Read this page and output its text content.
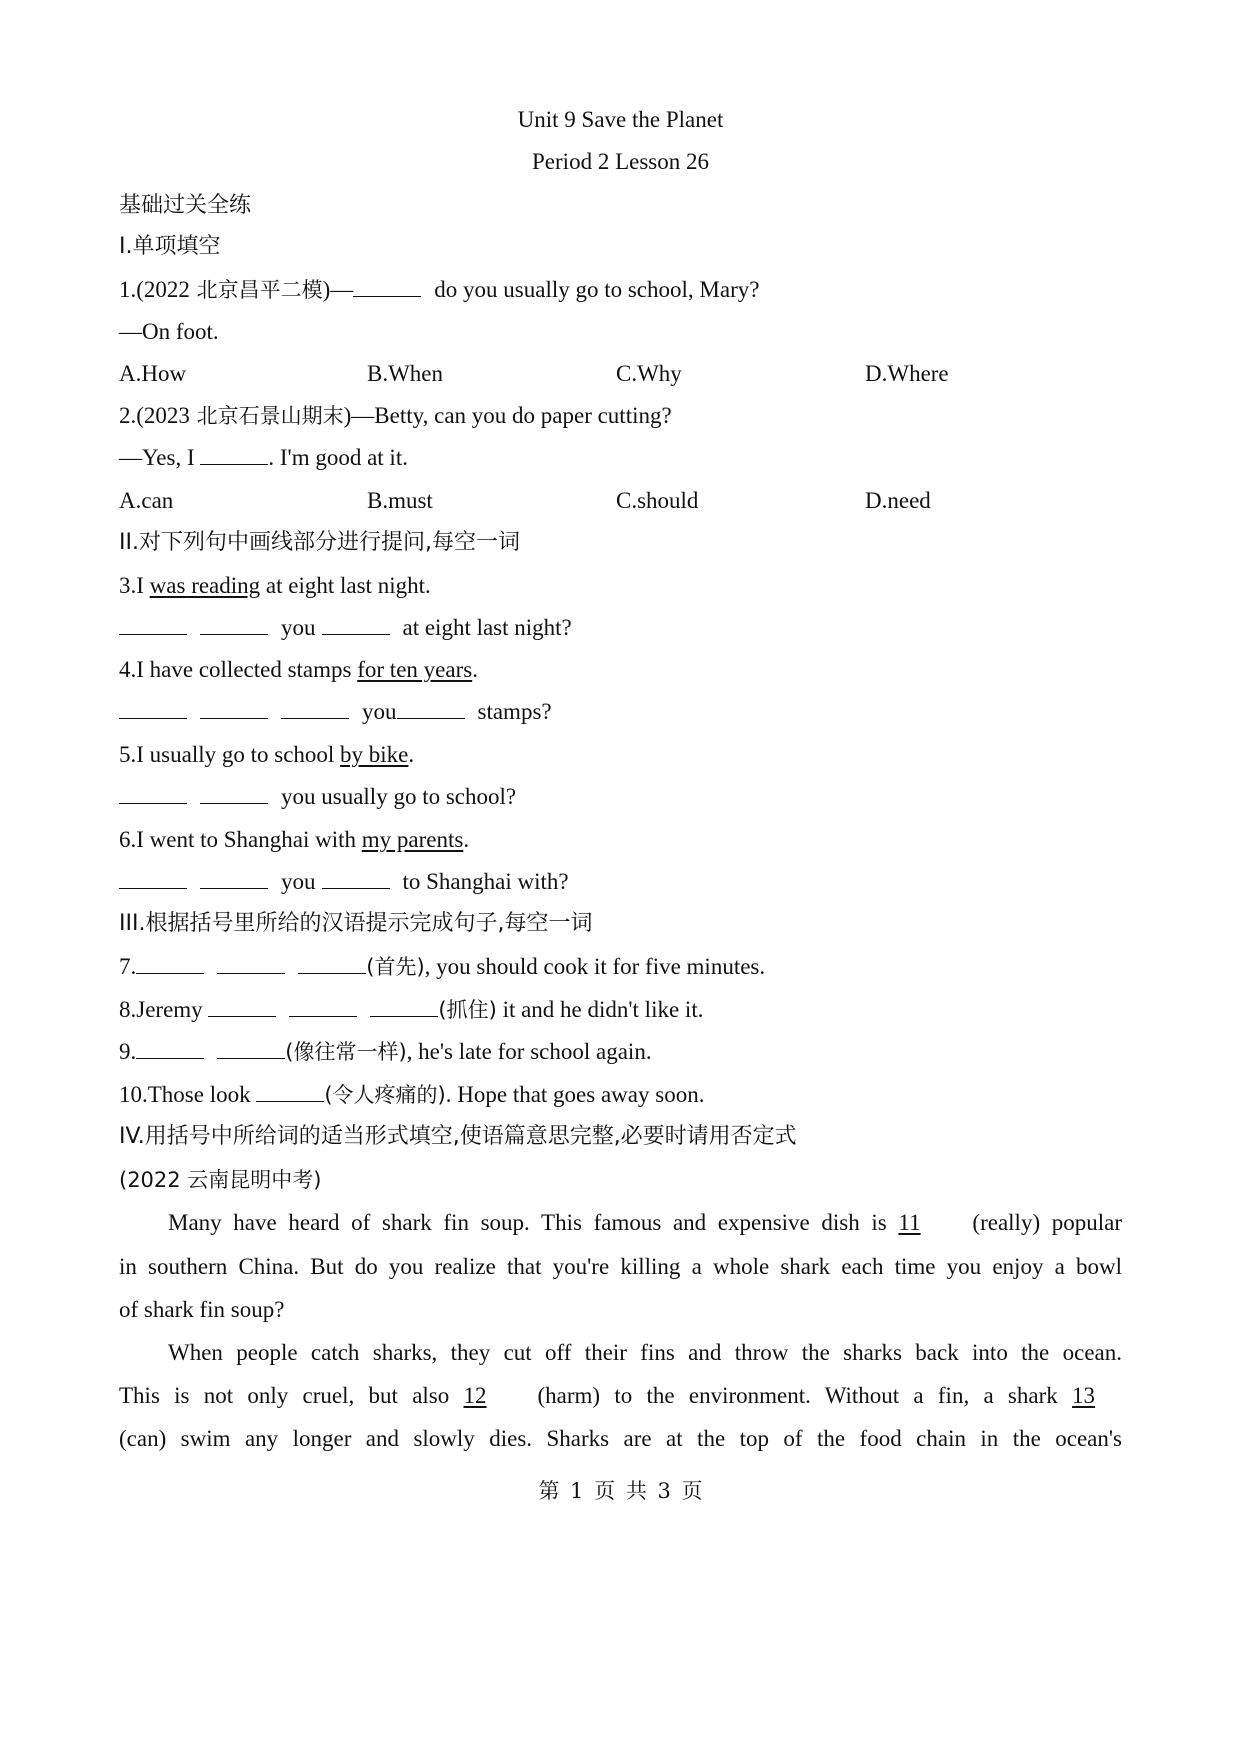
Unit 9 Save the Planet
Period 2 Lesson 26
基础过关全练
I.单项填空
1.(2022 北京昌平二模)—	do you usually go to school, Mary?
—On foot.
A.How	B.When	C.Why	D.Where
2.(2023 北京石景山期末)—Betty, can you do paper cutting?
—Yes, I	. I'm good at it.
A.can	B.must	C.should	D.need
II.对下列句中画线部分进行提问,每空一词
3.I was reading at eight last night.
you	at eight last night?
4.I have collected stamps for ten years.
you	stamps?
5.I usually go to school by bike.
you usually go to school?
6.I went to Shanghai with my parents.
you	to Shanghai with?
III.根据括号里所给的汉语提示完成句子,每空一词
7.	(首先), you should cook it for five minutes.
8.Jeremy	(抓住) it and he didn't like it.
9.	(像往常一样), he's late for school again.
10.Those look	(令人疼痛的). Hope that goes away soon.
IV.用括号中所给词的适当形式填空,使语篇意思完整,必要时请用否定式
(2022 云南昆明中考)
Many have heard of shark fin soup. This famous and expensive dish is 11 (really) popular
in southern China. But do you realize that you're killing a whole shark each time you enjoy a bowl
of shark fin soup?
When people catch sharks, they cut off their fins and throw the sharks back into the ocean.
This is not only cruel, but also 12 (harm) to the environment. Without a fin, a shark 13
(can) swim any longer and slowly dies. Sharks are at the top of the food chain in the ocean's
第 1 页 共 3 页
